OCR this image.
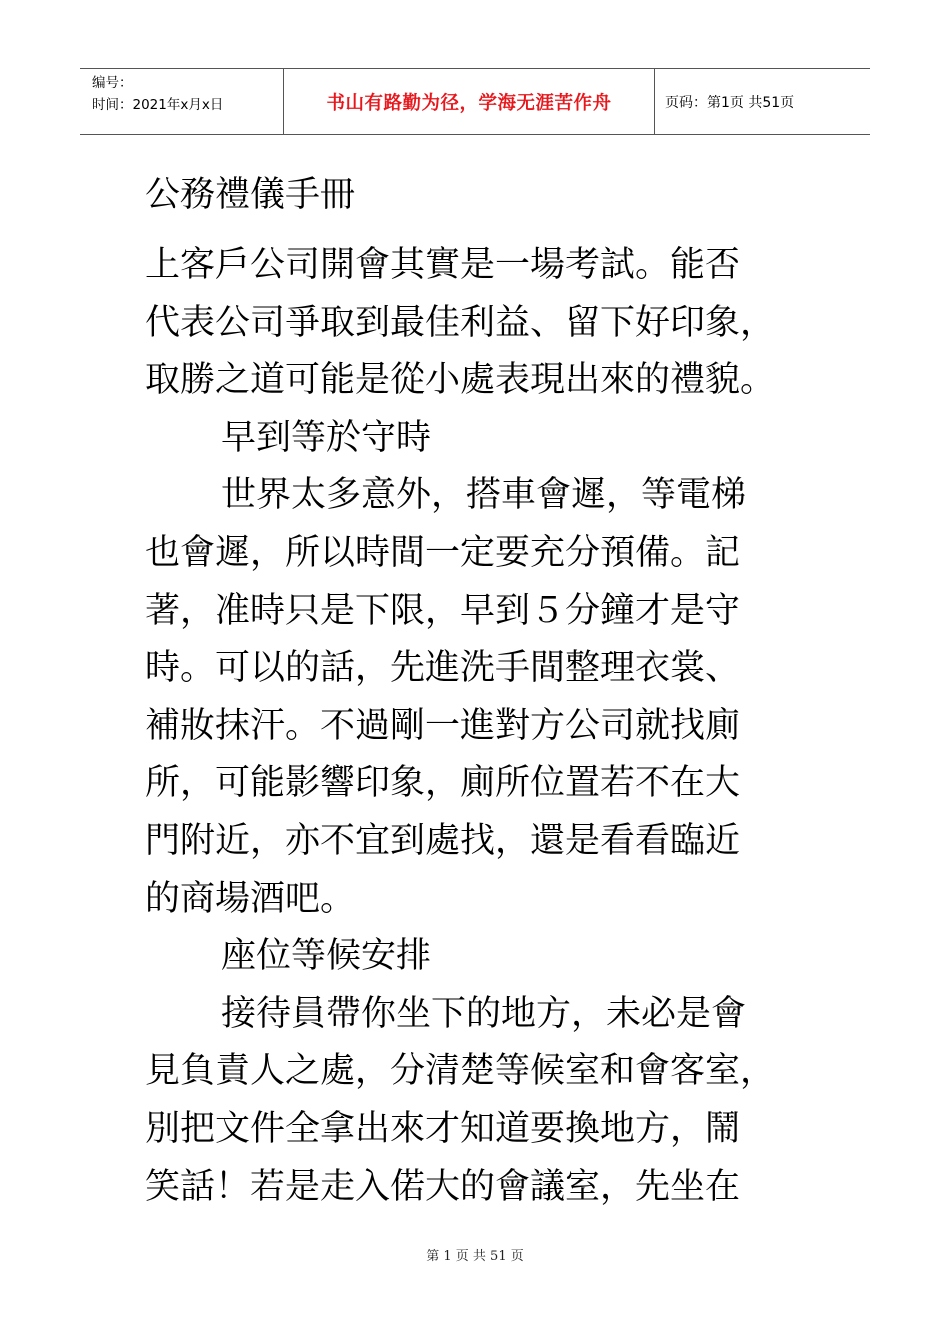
编号：
时间：2021年x月x日	书山有路勤为径，学海无涯苦作舟	页码：第1页 共51页
公務禮儀手冊
上客戶公司開會其實是一場考試。能否
代表公司爭取到最佳利益、留下好印象，
取勝之道可能是從小處表現出來的禮貌。
早到等於守時
世界太多意外，搭車會遲，等電梯
也會遲，所以時間一定要充分預備。記
著，准時只是下限，早到５分鐘才是守
時。可以的話，先進洗手間整理衣裳、
補妝抹汗。不過剛一進對方公司就找廁
所，可能影響印象，廁所位置若不在大
門附近，亦不宜到處找，還是看看臨近
的商場酒吧。
座位等候安排
接待員帶你坐下的地方，未必是會
見負責人之處，分清楚等候室和會客室，
別把文件全拿出來才知道要換地方，鬧
笑話！若是走入偌大的會議室，先坐在
第 1 页 共 51 页
